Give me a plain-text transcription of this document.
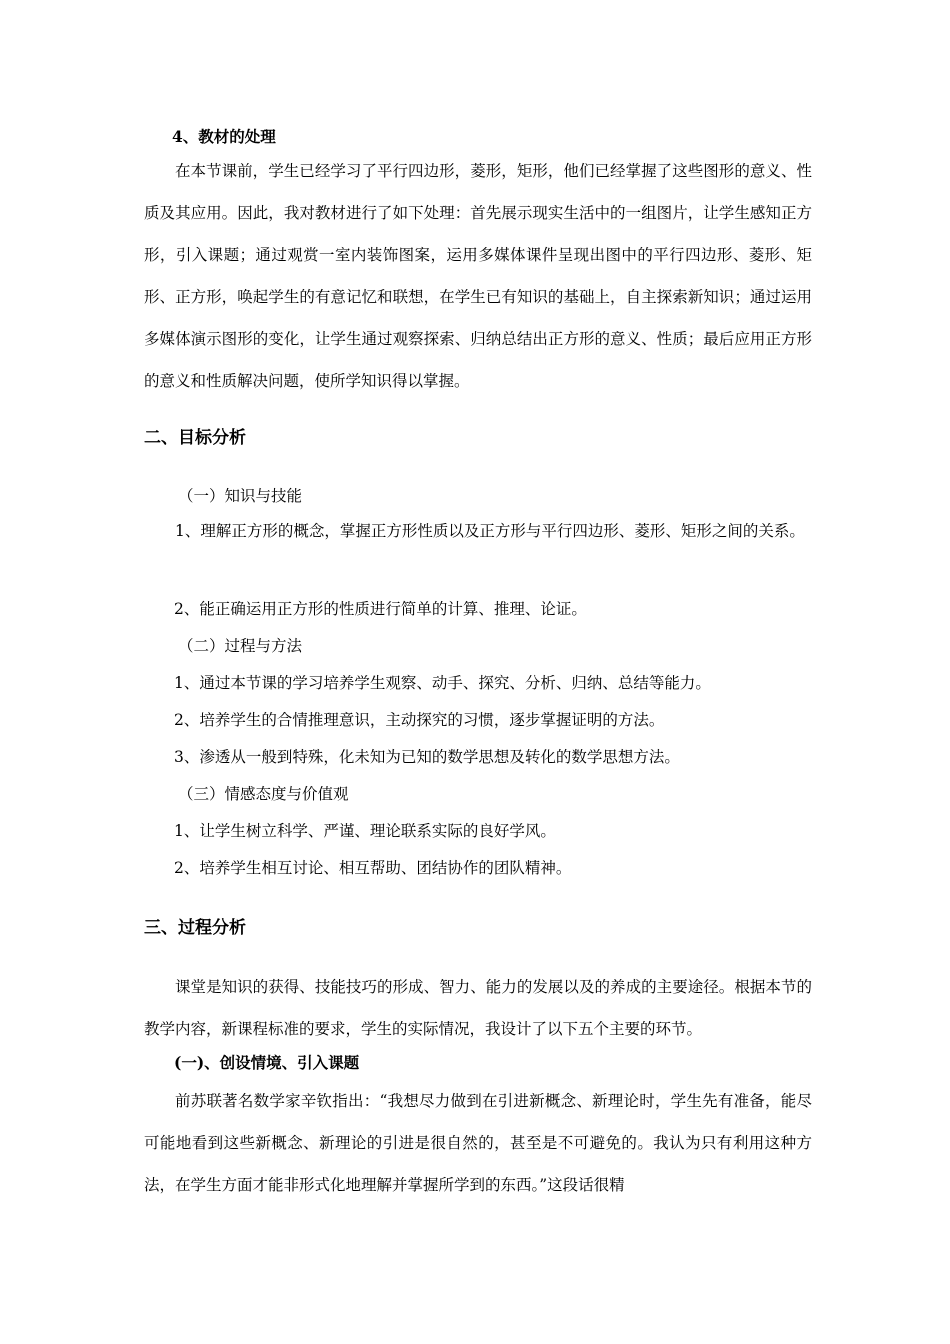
4、教材的处理
在本节课前，学生已经学习了平行四边形，菱形，矩形，他们已经掌握了这些图形的意义、性质及其应用。因此，我对教材进行了如下处理：首先展示现实生活中的一组图片，让学生感知正方形，引入课题；通过观赏一室内装饰图案，运用多媒体课件呈现出图中的平行四边形、菱形、矩形、正方形，唤起学生的有意记忆和联想，在学生已有知识的基础上，自主探索新知识；通过运用多媒体演示图形的变化，让学生通过观察探索、归纳总结出正方形的意义、性质；最后应用正方形的意义和性质解决问题，使所学知识得以掌握。
二、目标分析
（一）知识与技能
1、理解正方形的概念，掌握正方形性质以及正方形与平行四边形、菱形、矩形之间的关系。
2、能正确运用正方形的性质进行简单的计算、推理、论证。
（二）过程与方法
1、通过本节课的学习培养学生观察、动手、探究、分析、归纳、总结等能力。
2、培养学生的合情推理意识，主动探究的习惯，逐步掌握证明的方法。
3、渗透从一般到特殊，化未知为已知的数学思想及转化的数学思想方法。
（三）情感态度与价值观
1、让学生树立科学、严谨、理论联系实际的良好学风。
2、培养学生相互讨论、相互帮助、团结协作的团队精神。
三、过程分析
课堂是知识的获得、技能技巧的形成、智力、能力的发展以及的养成的主要途径。根据本节的教学内容，新课程标准的要求，学生的实际情况，我设计了以下五个主要的环节。
(一)、创设情境、引入课题
前苏联著名数学家辛钦指出：“我想尽力做到在引进新概念、新理论时，学生先有准备，能尽可能地看到这些新概念、新理论的引进是很自然的，甚至是不可避免的。我认为只有利用这种方法，在学生方面才能非形式化地理解并掌握所学到的东西。”这段话很精
